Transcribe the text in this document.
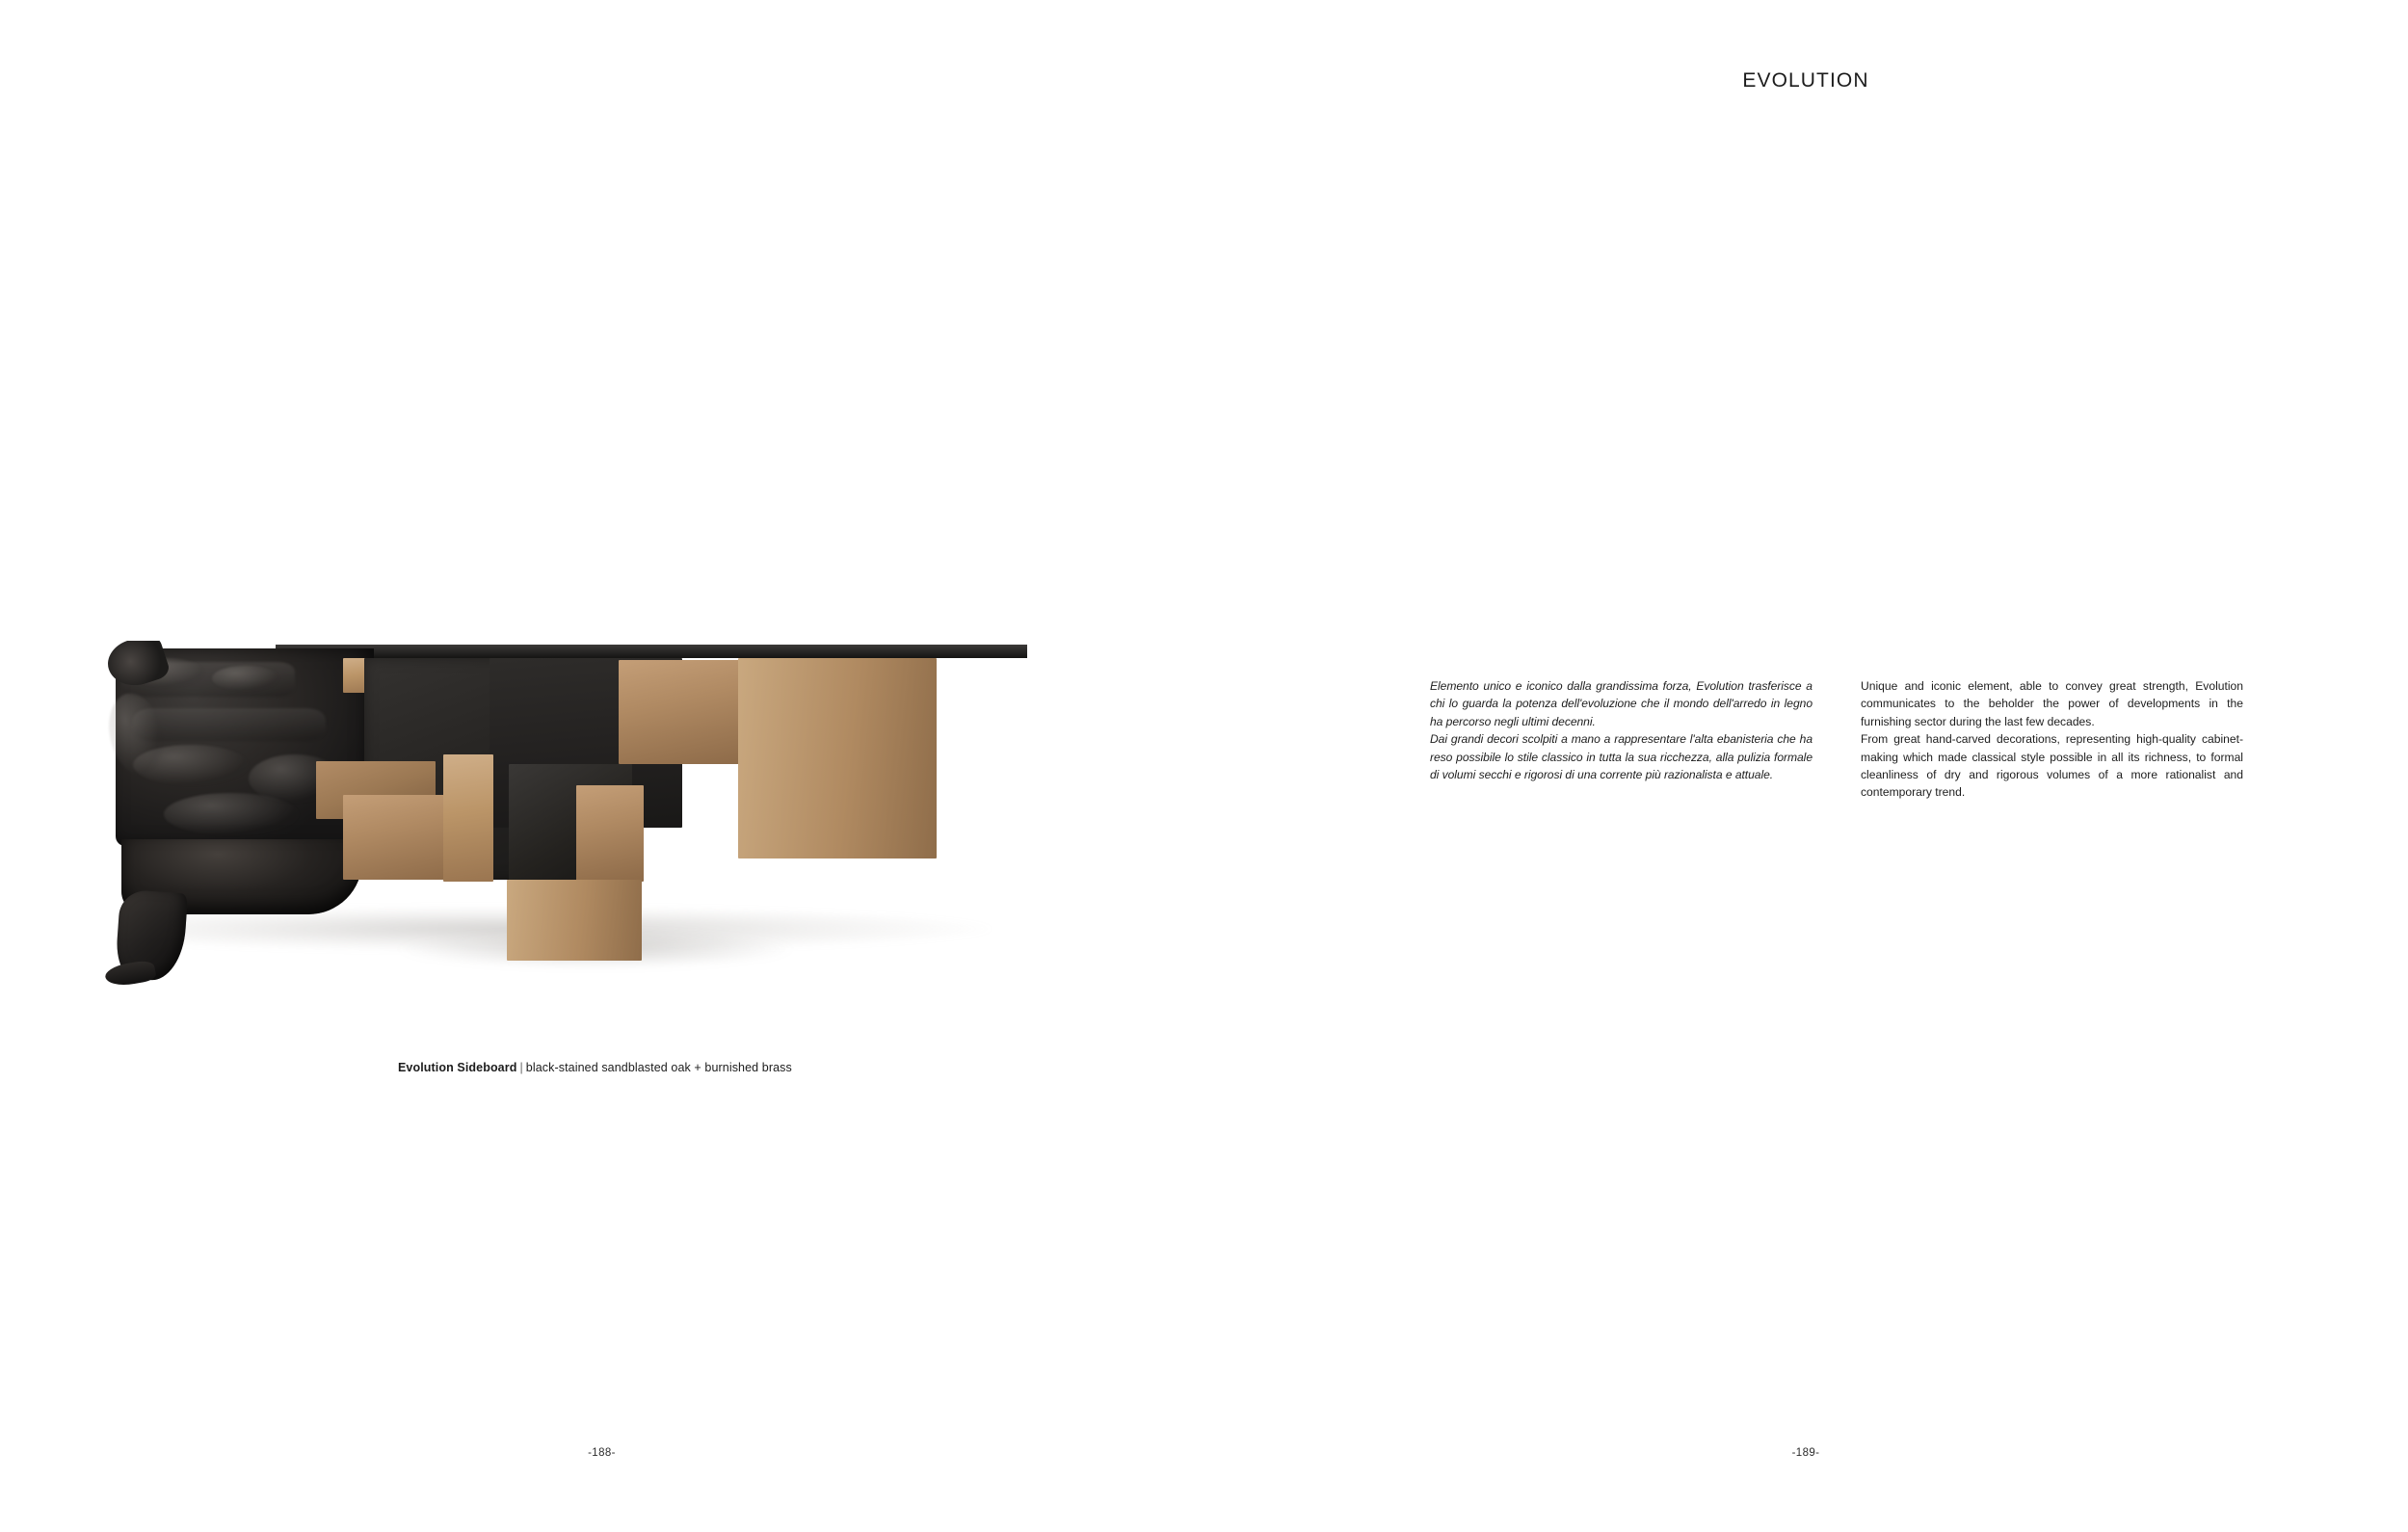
Evolution Sideboard | black-stained sandblasted oak + burnished brass
-188-
EVOLUTION

Elemento unico e iconico dalla grandissima forza, Evolution trasferisce a chi lo guarda la potenza dell'evoluzione che il mondo dell'arredo in legno ha percorso negli ultimi decenni.

Dai grandi decori scolpiti a mano a rappresentare l'alta ebanisteria che ha reso possibile lo stile classico in tutta la sua ricchezza, alla pulizia formale di volumi secchi e rigorosi di una corrente più razionalista e attuale.

Unique and iconic element, able to convey great strength, Evolution communicates to the beholder the power of developments in the furnishing sector during the last few decades.

From great hand-carved decorations, representing high-quality cabinet-making which made classical style possible in all its richness, to formal cleanliness of dry and rigorous volumes of a more rationalist and contemporary trend.

-189-
